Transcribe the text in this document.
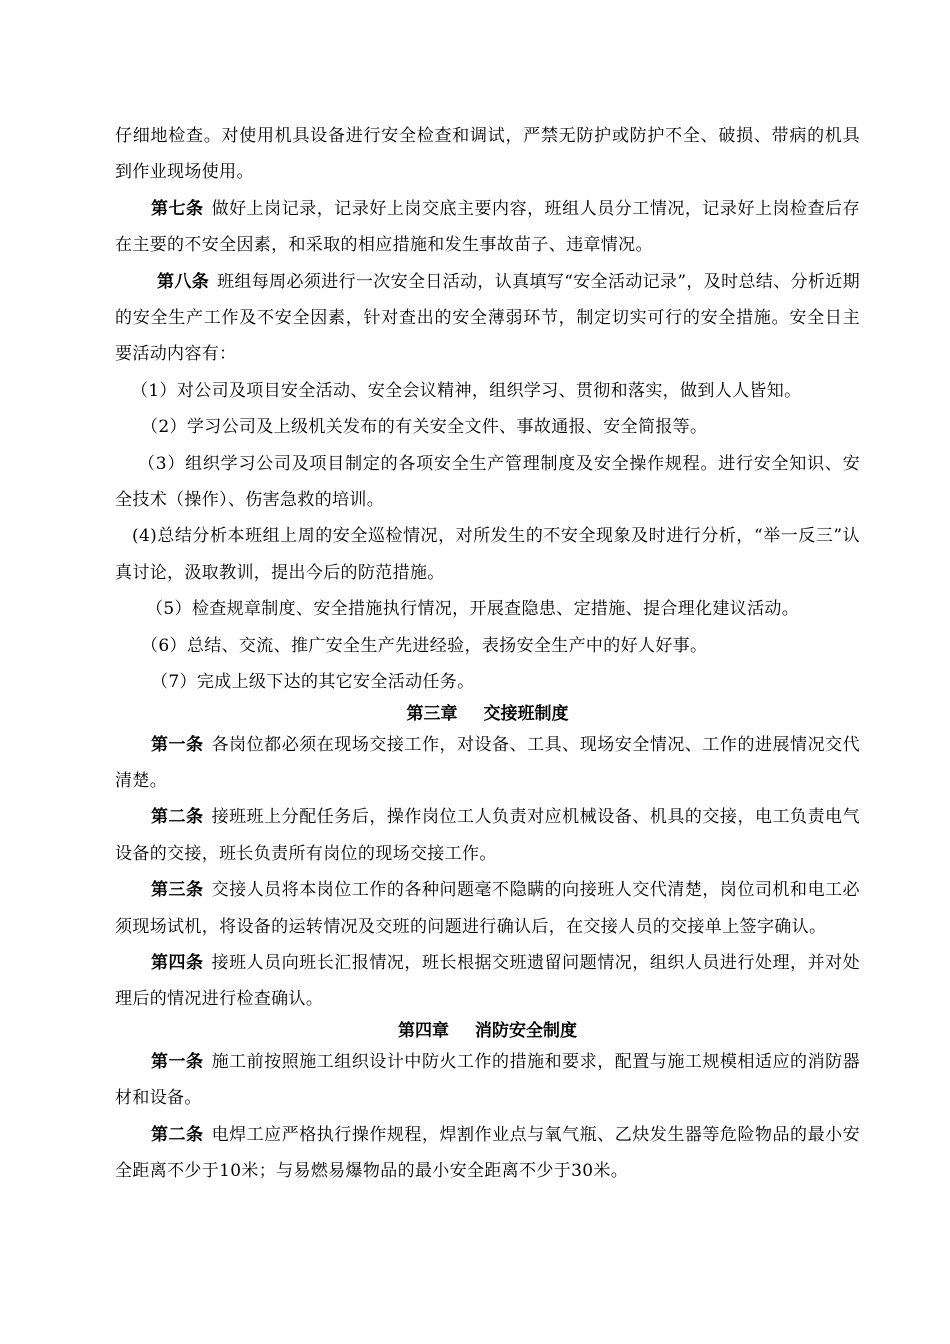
仔细地检查。对使用机具设备进行安全检查和调试，严禁无防护或防护不全、破损、带病的机具到作业现场使用。

第七条 做好上岗记录，记录好上岗交底主要内容，班组人员分工情况，记录好上岗检查后存在主要的不安全因素，和采取的相应措施和发生事故苗子、违章情况。

第八条 班组每周必须进行一次安全日活动，认真填写“安全活动记录”，及时总结、分析近期的安全生产工作及不安全因素，针对查出的安全薄弱环节，制定切实可行的安全措施。安全日主要活动内容有：

（1）对公司及项目安全活动、安全会议精神，组织学习、贯彻和落实，做到人人皆知。

（2）学习公司及上级机关发布的有关安全文件、事故通报、安全简报等。

（3）组织学习公司及项目制定的各项安全生产管理制度及安全操作规程。进行安全知识、安全技术（操作）、伤害急救的培训。

(4)总结分析本班组上周的安全巡检情况，对所发生的不安全现象及时进行分析，“举一反三”认真讨论，汲取教训，提出今后的防范措施。

（5）检查规章制度、安全措施执行情况，开展查隐患、定措施、提合理化建议活动。

（6）总结、交流、推广安全生产先进经验，表扬安全生产中的好人好事。

（7）完成上级下达的其它安全活动任务。

第三章 交接班制度

第一条 各岗位都必须在现场交接工作，对设备、工具、现场安全情况、工作的进展情况交代清楚。

第二条 接班班上分配任务后，操作岗位工人负责对应机械设备、机具的交接，电工负责电气设备的交接，班长负责所有岗位的现场交接工作。

第三条 交接人员将本岗位工作的各种问题毫不隐瞒的向接班人交代清楚，岗位司机和电工必须现场试机，将设备的运转情况及交班的问题进行确认后，在交接人员的交接单上签字确认。

第四条 接班人员向班长汇报情况，班长根据交班遗留问题情况，组织人员进行处理，并对处理后的情况进行检查确认。

第四章 消防安全制度

第一条 施工前按照施工组织设计中防火工作的措施和要求，配置与施工规模相适应的消防器材和设备。

第二条 电焊工应严格执行操作规程，焊割作业点与氧气瓶、乙炔发生器等危险物品的最小安全距离不少于10米；与易燃易爆物品的最小安全距离不少于30米。
